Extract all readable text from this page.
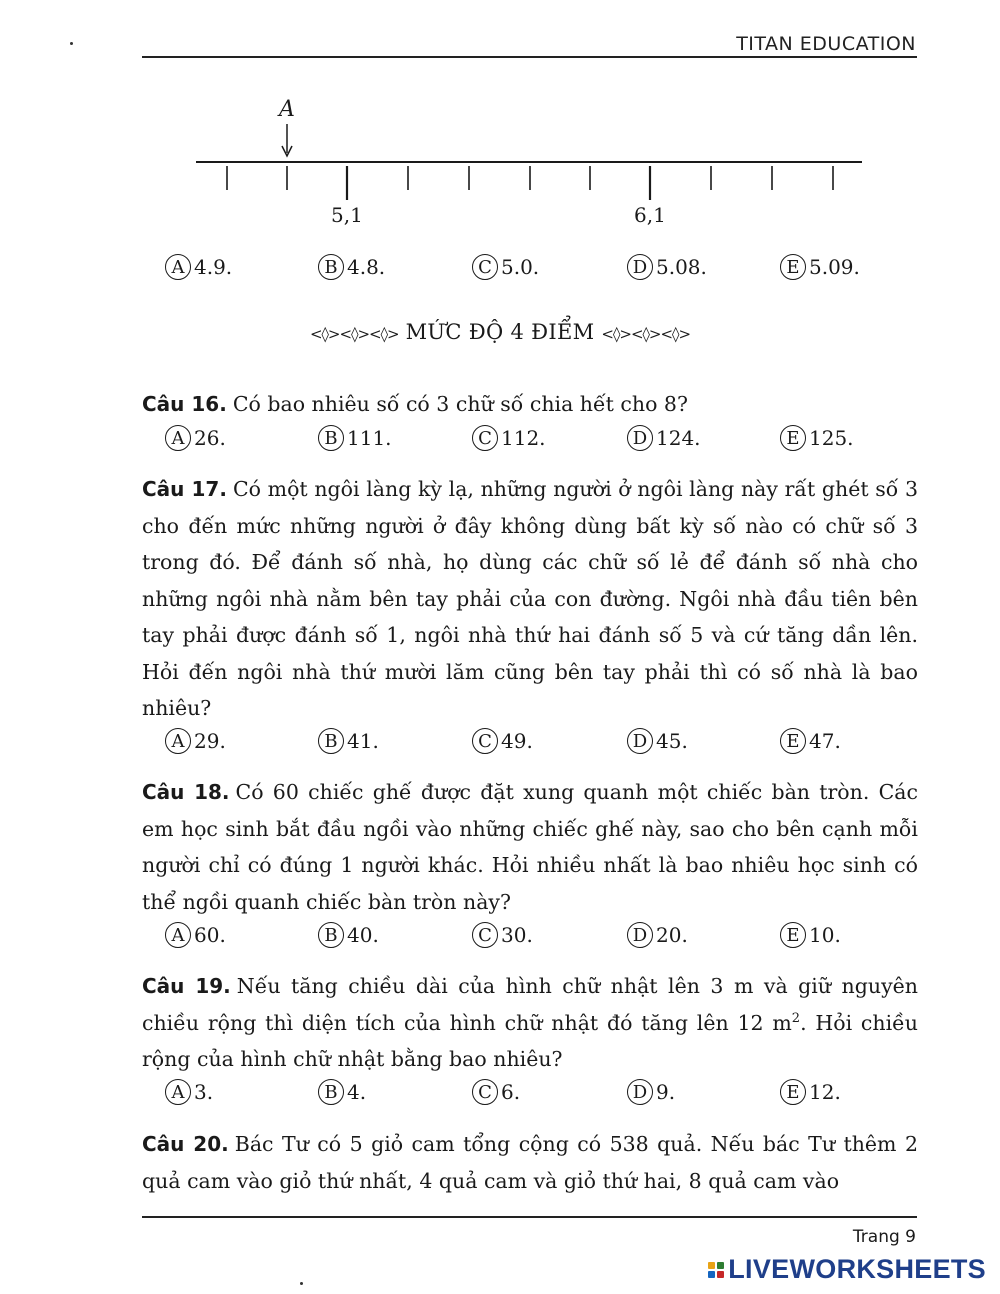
TITAN EDUCATION
A
5,1	6,1
A 4.9.	B 4.8.	C 5.0.	D 5.08.	E 5.09.
<◊><◊><◊> MỨC ĐỘ 4 ĐIỂM <◊><◊><◊>
Câu 16. Có bao nhiêu số có 3 chữ số chia hết cho 8?
A 26.	B 111.	C 112.	D 124.	E 125.
Câu 17. Có một ngôi làng kỳ lạ, những người ở ngôi làng này rất ghét số 3 cho đến mức những người ở đây không dùng bất kỳ số nào có chữ số 3 trong đó. Để đánh số nhà, họ dùng các chữ số lẻ để đánh số nhà cho những ngôi nhà nằm bên tay phải của con đường. Ngôi nhà đầu tiên bên tay phải được đánh số 1, ngôi nhà thứ hai đánh số 5 và cứ tăng dần lên. Hỏi đến ngôi nhà thứ mười lăm cũng bên tay phải thì có số nhà là bao nhiêu?
A 29.	B 41.	C 49.	D 45.	E 47.
Câu 18. Có 60 chiếc ghế được đặt xung quanh một chiếc bàn tròn. Các em học sinh bắt đầu ngồi vào những chiếc ghế này, sao cho bên cạnh mỗi người chỉ có đúng 1 người khác. Hỏi nhiều nhất là bao nhiêu học sinh có thể ngồi quanh chiếc bàn tròn này?
A 60.	B 40.	C 30.	D 20.	E 10.
Câu 19. Nếu tăng chiều dài của hình chữ nhật lên 3 m và giữ nguyên chiều rộng thì diện tích của hình chữ nhật đó tăng lên 12 $m^2$. Hỏi chiều rộng của hình chữ nhật bằng bao nhiêu?
A 3.	B 4.	C 6.	D 9.	E 12.
Câu 20. Bác Tư có 5 giỏ cam tổng cộng có 538 quả. Nếu bác Tư thêm 2 quả cam vào giỏ thứ nhất, 4 quả cam và giỏ thứ hai, 8 quả cam vào
Trang 9
LIVEWORKSHEETS
